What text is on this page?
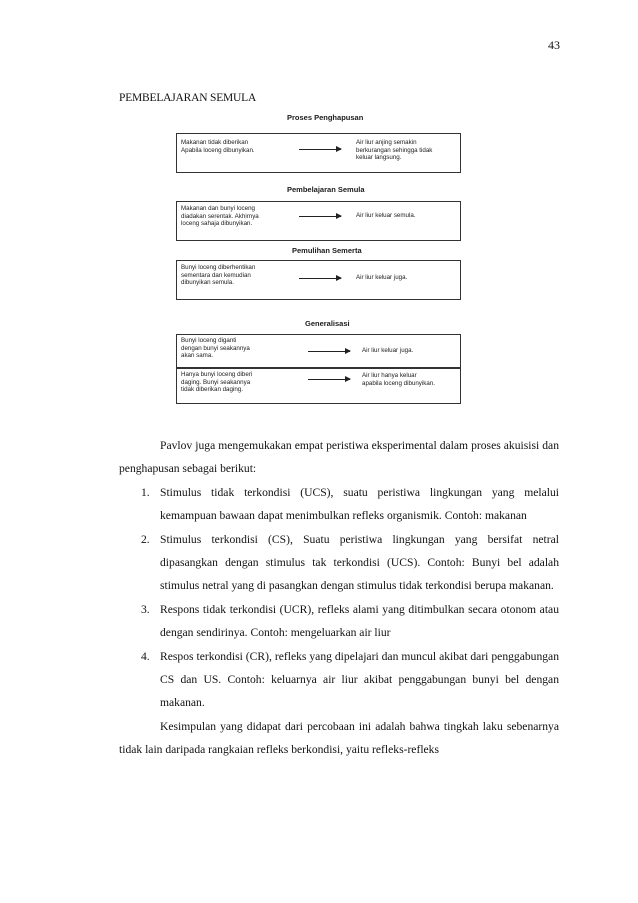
43
PEMBELAJARAN SEMULA
Proses Penghapusan
Makanan tidak diberikan
Apabila loceng dibunyikan.
Air liur anjing semakin
berkurangan sehingga tidak
keluar langsung.
Pembelajaran Semula
Makanan dan bunyi loceng
diadakan serentak. Akhirnya
loceng sahaja dibunyikan.
Air liur keluar semula.
Pemulihan Semerta
Bunyi loceng diberhentikan
sementara dan kemudian
dibunyikan semula.
Air liur keluar juga.
Generalisasi
Bunyi loceng diganti
dengan bunyi seakannya
akan sama.
Air liur keluar juga.
Hanya bunyi loceng diberi
daging. Bunyi seakannya
tidak diberikan daging.
Air liur hanya keluar
apabila loceng dibunyikan.

Pavlov juga mengemukakan empat peristiwa eksperimental dalam proses akuisisi dan penghapusan sebagai berikut:

1. Stimulus tidak terkondisi (UCS), suatu peristiwa lingkungan yang melalui kemampuan bawaan dapat menimbulkan refleks organismik. Contoh: makanan
2. Stimulus terkondisi (CS), Suatu peristiwa lingkungan yang bersifat netral dipasangkan dengan stimulus tak terkondisi (UCS). Contoh: Bunyi bel adalah stimulus netral yang di pasangkan dengan stimulus tidak terkondisi berupa makanan.
3. Respons tidak terkondisi (UCR), refleks alami yang ditimbulkan secara otonom atau dengan sendirinya. Contoh: mengeluarkan air liur
4. Respos terkondisi (CR), refleks yang dipelajari dan muncul akibat dari penggabungan CS dan US. Contoh: keluarnya air liur akibat penggabungan bunyi bel dengan makanan.

Kesimpulan yang didapat dari percobaan ini adalah bahwa tingkah laku sebenarnya tidak lain daripada rangkaian refleks berkondisi, yaitu refleks-refleks
